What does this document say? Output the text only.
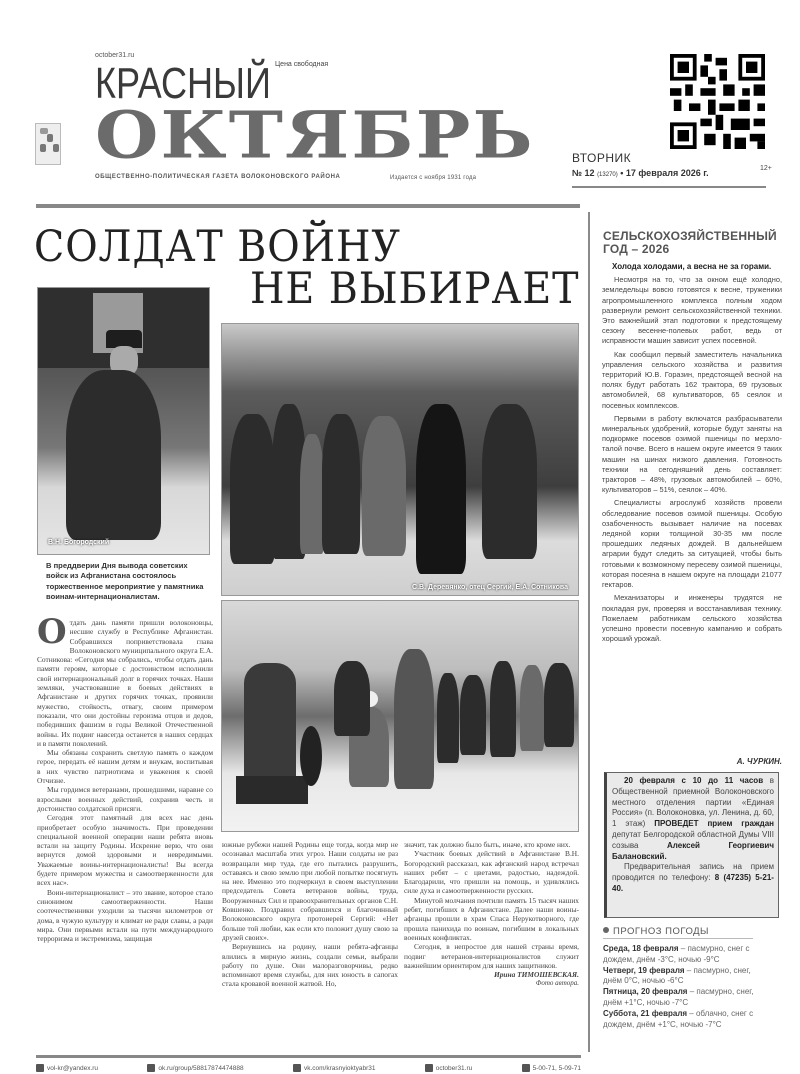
october31.ru
КРАСНЫЙ Цена свободная
ОКТЯБРЬ
ОБЩЕСТВЕННО-ПОЛИТИЧЕСКАЯ ГАЗЕТА ВОЛОКОНОВСКОГО РАЙОНА	Издается с ноября 1931 года
ВТОРНИК
№ 12 (13270) • 17 февраля 2026 г.	12+
СОЛДАТ ВОЙНУ
НЕ ВЫБИРАЕТ
В.Н. Богородский
С.В. Деревянко, отец Сергий, Е.А. Сотникова
В преддверии Дня вывода советских войск из Афганистана состоялось торжественное мероприятие у памятника воинам-интернационалистам.

Отдать дань памяти пришли волоконовцы, несшие службу в Республике Афганистан. Собравшихся поприветствовала глава Волоконовского муниципального округа Е.А. Сотникова: «Сегодня мы собрались, чтобы отдать дань памяти героям, которые с достоинством исполнили свой интернациональный долг в горячих точках. Наши земляки, участвовавшие в боевых действиях в Афганистане и других горячих точках, проявили мужество, стойкость, отвагу, своим примером показали, что они достойны героизма отцов и дедов, победивших фашизм в годы Великой Отечественной войны. Их подвиг навсегда останется в наших сердцах и в памяти поколений.

Мы обязаны сохранить светлую память о каждом герое, передать её нашим детям и внукам, воспитывая в них чувство патриотизма и уважения к своей Отчизне.

Мы гордимся ветеранами, прошедшими, наравне со взрослыми военных действий, сохранив честь и достоинство солдатской присяги.

Сегодня этот памятный для всех нас день приобретает особую значимость. При проведении специальной военной операции наши ребята вновь встали на защиту Родины. Искренне верю, что они вернутся домой здоровыми и невредимыми. Уважаемые воины-интернационалисты! Вы всегда будете примером мужества и самоотверженности для всех нас».

Воин-интернационалист – это звание, которое стало синонимом самоотверженности. Наши соотечественники уходили за тысячи километров от дома, в чужую культуру и климат не ради славы, а ради мира. Они первыми встали на пути международного терроризма и экстремизма, защищая

южные рубежи нашей Родины еще тогда, когда мир не осознавал масштаба этих угроз. Наши солдаты не раз возвращали мир туда, где его пытались разрушить, оставаясь и свою землю при любой попытке посягнуть на нее. Именно это подчеркнул в своем выступлении председатель Совета ветеранов войны, труда, Вооруженных Сил и правоохранительных органов С.Н. Ковшенко. Поздравил собравшихся и благочинный Волоконовского округа протоиерей Сергий: «Нет больше той любви, как если кто положит душу свою за друзей своих».

Вернувшись на родину, наши ребята-афганцы влились в мирную жизнь, создали семьи, выбрали работу по душе. Они малоразговорчивы, редко вспоминают время службы, для них юность в сапогах стала кровавой военной жатвой. Но,

значит, так должно было быть, иначе, кто кроме них.

Участник боевых действий в Афганистане В.Н. Богородский рассказал, как афганский народ встречал наших ребят – с цветами, радостью, надеждой. Благодарили, что пришли на помощь, и удивлялись силе духа и самоотверженности русских.

Минутой молчания почтили память 15 тысяч наших ребят, погибших в Афганистане. Далее наши воины-афганцы прошли в храм Спаса Нерукотворного, где прошла панихида по воинам, погибшим в локальных военных конфликтах.

Сегодня, в непростое для нашей страны время, подвиг ветеранов-интернационалистов служит важнейшим ориентиром для наших защитников.

Ирина ТИМОШЕВСКАЯ.

Фото автора.

СЕЛЬСКОХОЗЯЙСТВЕННЫЙ ГОД – 2026

Холода холодами, а весна не за горами.

Несмотря на то, что за окном ещё холодно, земледельцы вовсю готовятся к весне, труженики агропромышленного комплекса полным ходом развернули ремонт сельскохозяйственной техники. Это важнейший этап подготовки к предстоящему сезону весенне-полевых работ, ведь от исправности машин зависит успех посевной.

Как сообщил первый заместитель начальника управления сельского хозяйства и развития территорий Ю.В. Горазин, предстоящей весной на полях будут работать 162 трактора, 69 грузовых автомобилей, 68 культиваторов, 65 сеялок и посевных комплексов.

Первыми в работу включатся разбрасыватели минеральных удобрений, которые будут заняты на подкормке посевов озимой пшеницы по мерзло-талой почве. Всего в нашем округе имеется 9 таких машин на шинах низкого давления. Готовность техники на сегодняшний день составляет: тракторов – 48%, грузовых автомобилей – 60%, культиваторов – 51%, сеялок – 40%.

Специалисты агрослужб хозяйств провели обследование посевов озимой пшеницы. Особую озабоченность вызывает наличие на посевах ледяной корки толщиной 30-35 мм после прошедших ледяных дождей. В дальнейшем аграрии будут следить за ситуацией, чтобы быть готовыми к возможному пересеву озимой пшеницы, которая посеяна в нашем округе на площади 21077 гектаров.

Механизаторы и инженеры трудятся не покладая рук, проверяя и восстанавливая технику. Пожелаем работникам сельского хозяйства успешно провести посевную кампанию и собрать хороший урожай.

А. ЧУРКИН.

20 февраля с 10 до 11 часов в Общественной приемной Волоконовского местного отделения партии «Единая Россия» (п. Волоконовка, ул. Ленина, д. 60, 1 этаж) ПРОВЕДЕТ прием граждан депутат Белгородской областной Думы VIII созыва	Алексей Георгиевич Балановский.

Предварительная запись на прием проводится по телефону: 8 (47235) 5-21-40.

ПРОГНОЗ ПОГОДЫ
Среда, 18 февраля – пасмурно, снег с дождем, днём -3°С, ночью -9°С
Четверг, 19 февраля – пасмурно, снег, днём 0°С, ночью -6°С
Пятница, 20 февраля – пасмурно, снег, днём +1°С, ночью -7°С
Суббота, 21 февраля – облачно, снег с дождем, днём +1°С, ночью -7°С
vol-kr@yandex.ru	ok.ru/group/58817874474888	vk.com/krasnyioktyabr31	october31.ru	5-00-71, 5-09-71
